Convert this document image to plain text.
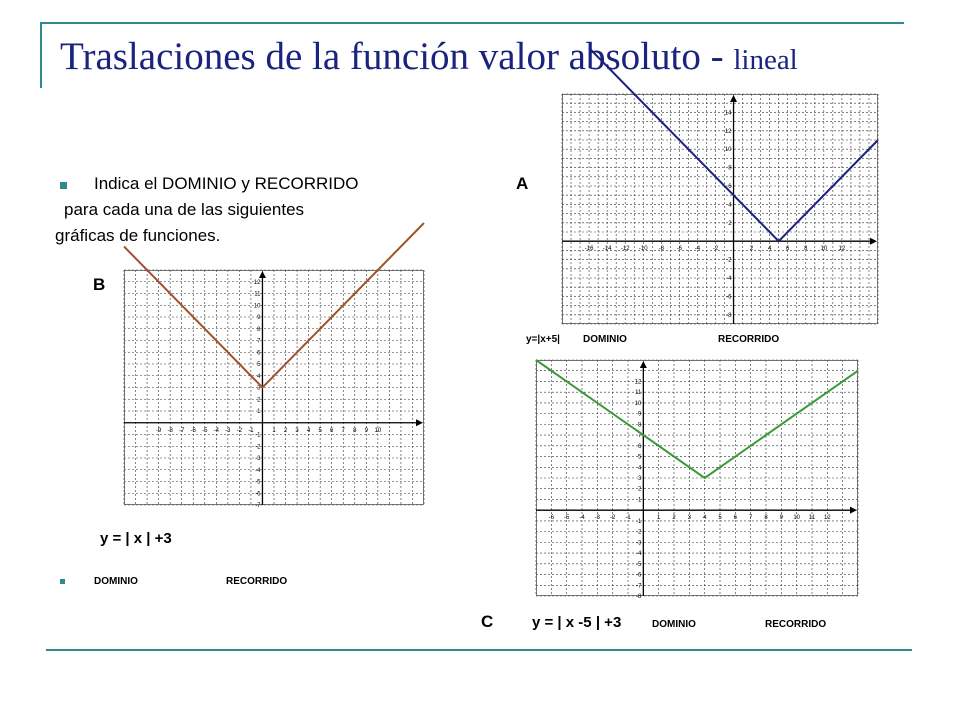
Traslaciones de la función valor absoluto - lineal
Indica el DOMINIO y RECORRIDO
para cada una de las siguientes
gráficas de funciones.
A
B
-9 -8 -7 -6 -5 -4 -3 -2 -1	1 2 3 4 5 6 7 8 9 10
-7
-6
-5
-4
-3
-2
-1
1
2
3
4
5
6
7
8
9
10
11
12
-16 -14 -12 -10 -8 -6 -4 -2	2 4 6 8 10 12
-8
-6
-4
-2
2
4
6
8
10
12
14
-6 -5 -4 -3 -2 -1	1 2 3 4 5 6 7 8 9 10 11 12
-8
-7
-6
-5
-4
-3
-2
-1
1
2
3
4
5
6
7
8
9
10
11
12
y = | x | +3
DOMINIO	RECORRIDO
y=|x+5| DOMINIO	RECORRIDO
C	y = | x -5 | +3	DOMINIO	RECORRIDO
